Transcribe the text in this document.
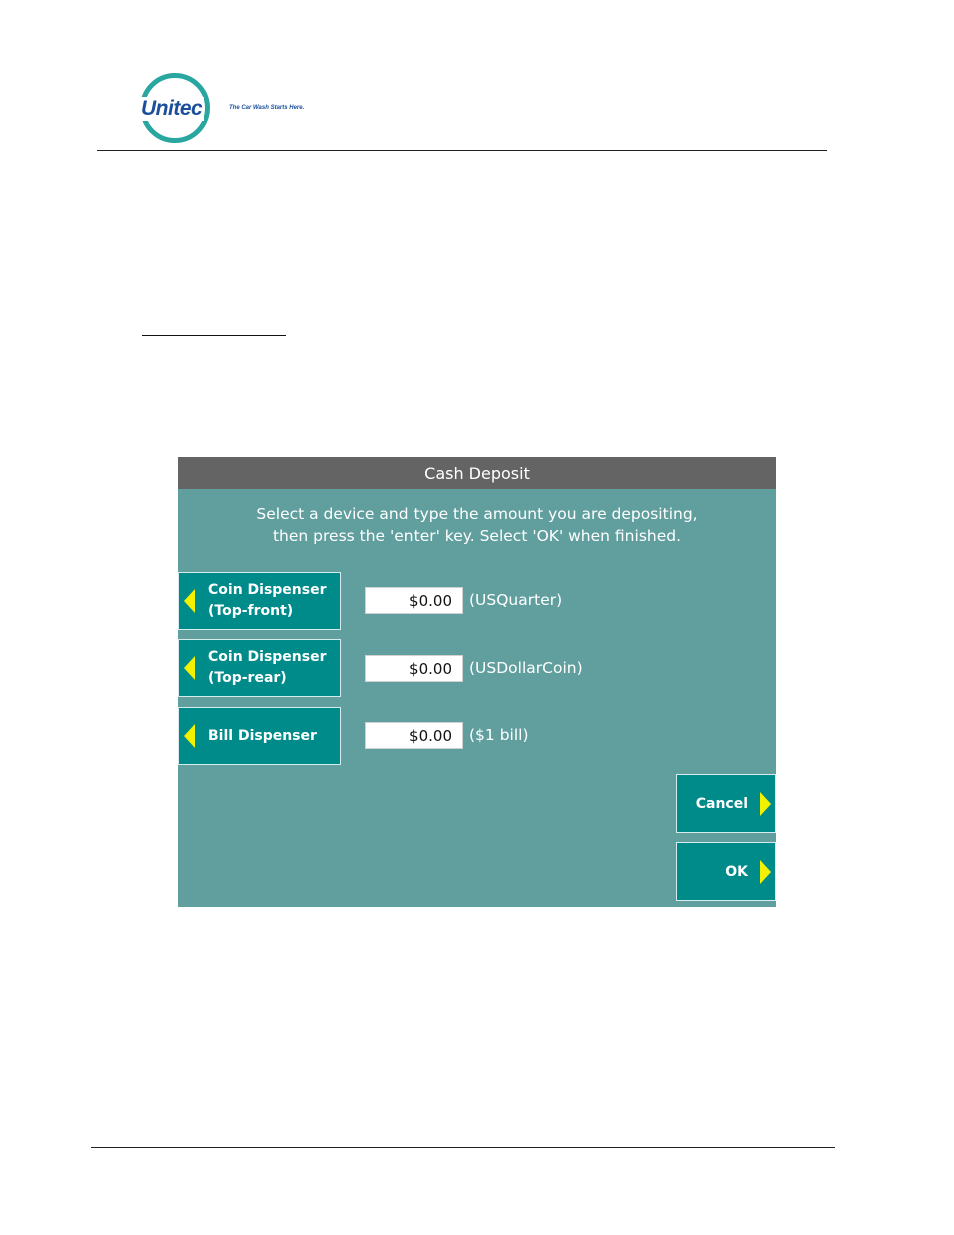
Unitec	The Car Wash Starts Here.
Cash Deposit
Select a device and type the amount you are depositing,
then press the 'enter' key. Select 'OK' when finished.
Coin Dispenser
(Top-front)
$0.00
(USQuarter)
Coin Dispenser
(Top-rear)
$0.00
(USDollarCoin)
Bill Dispenser
$0.00	($1 bill)
Cancel
OK
